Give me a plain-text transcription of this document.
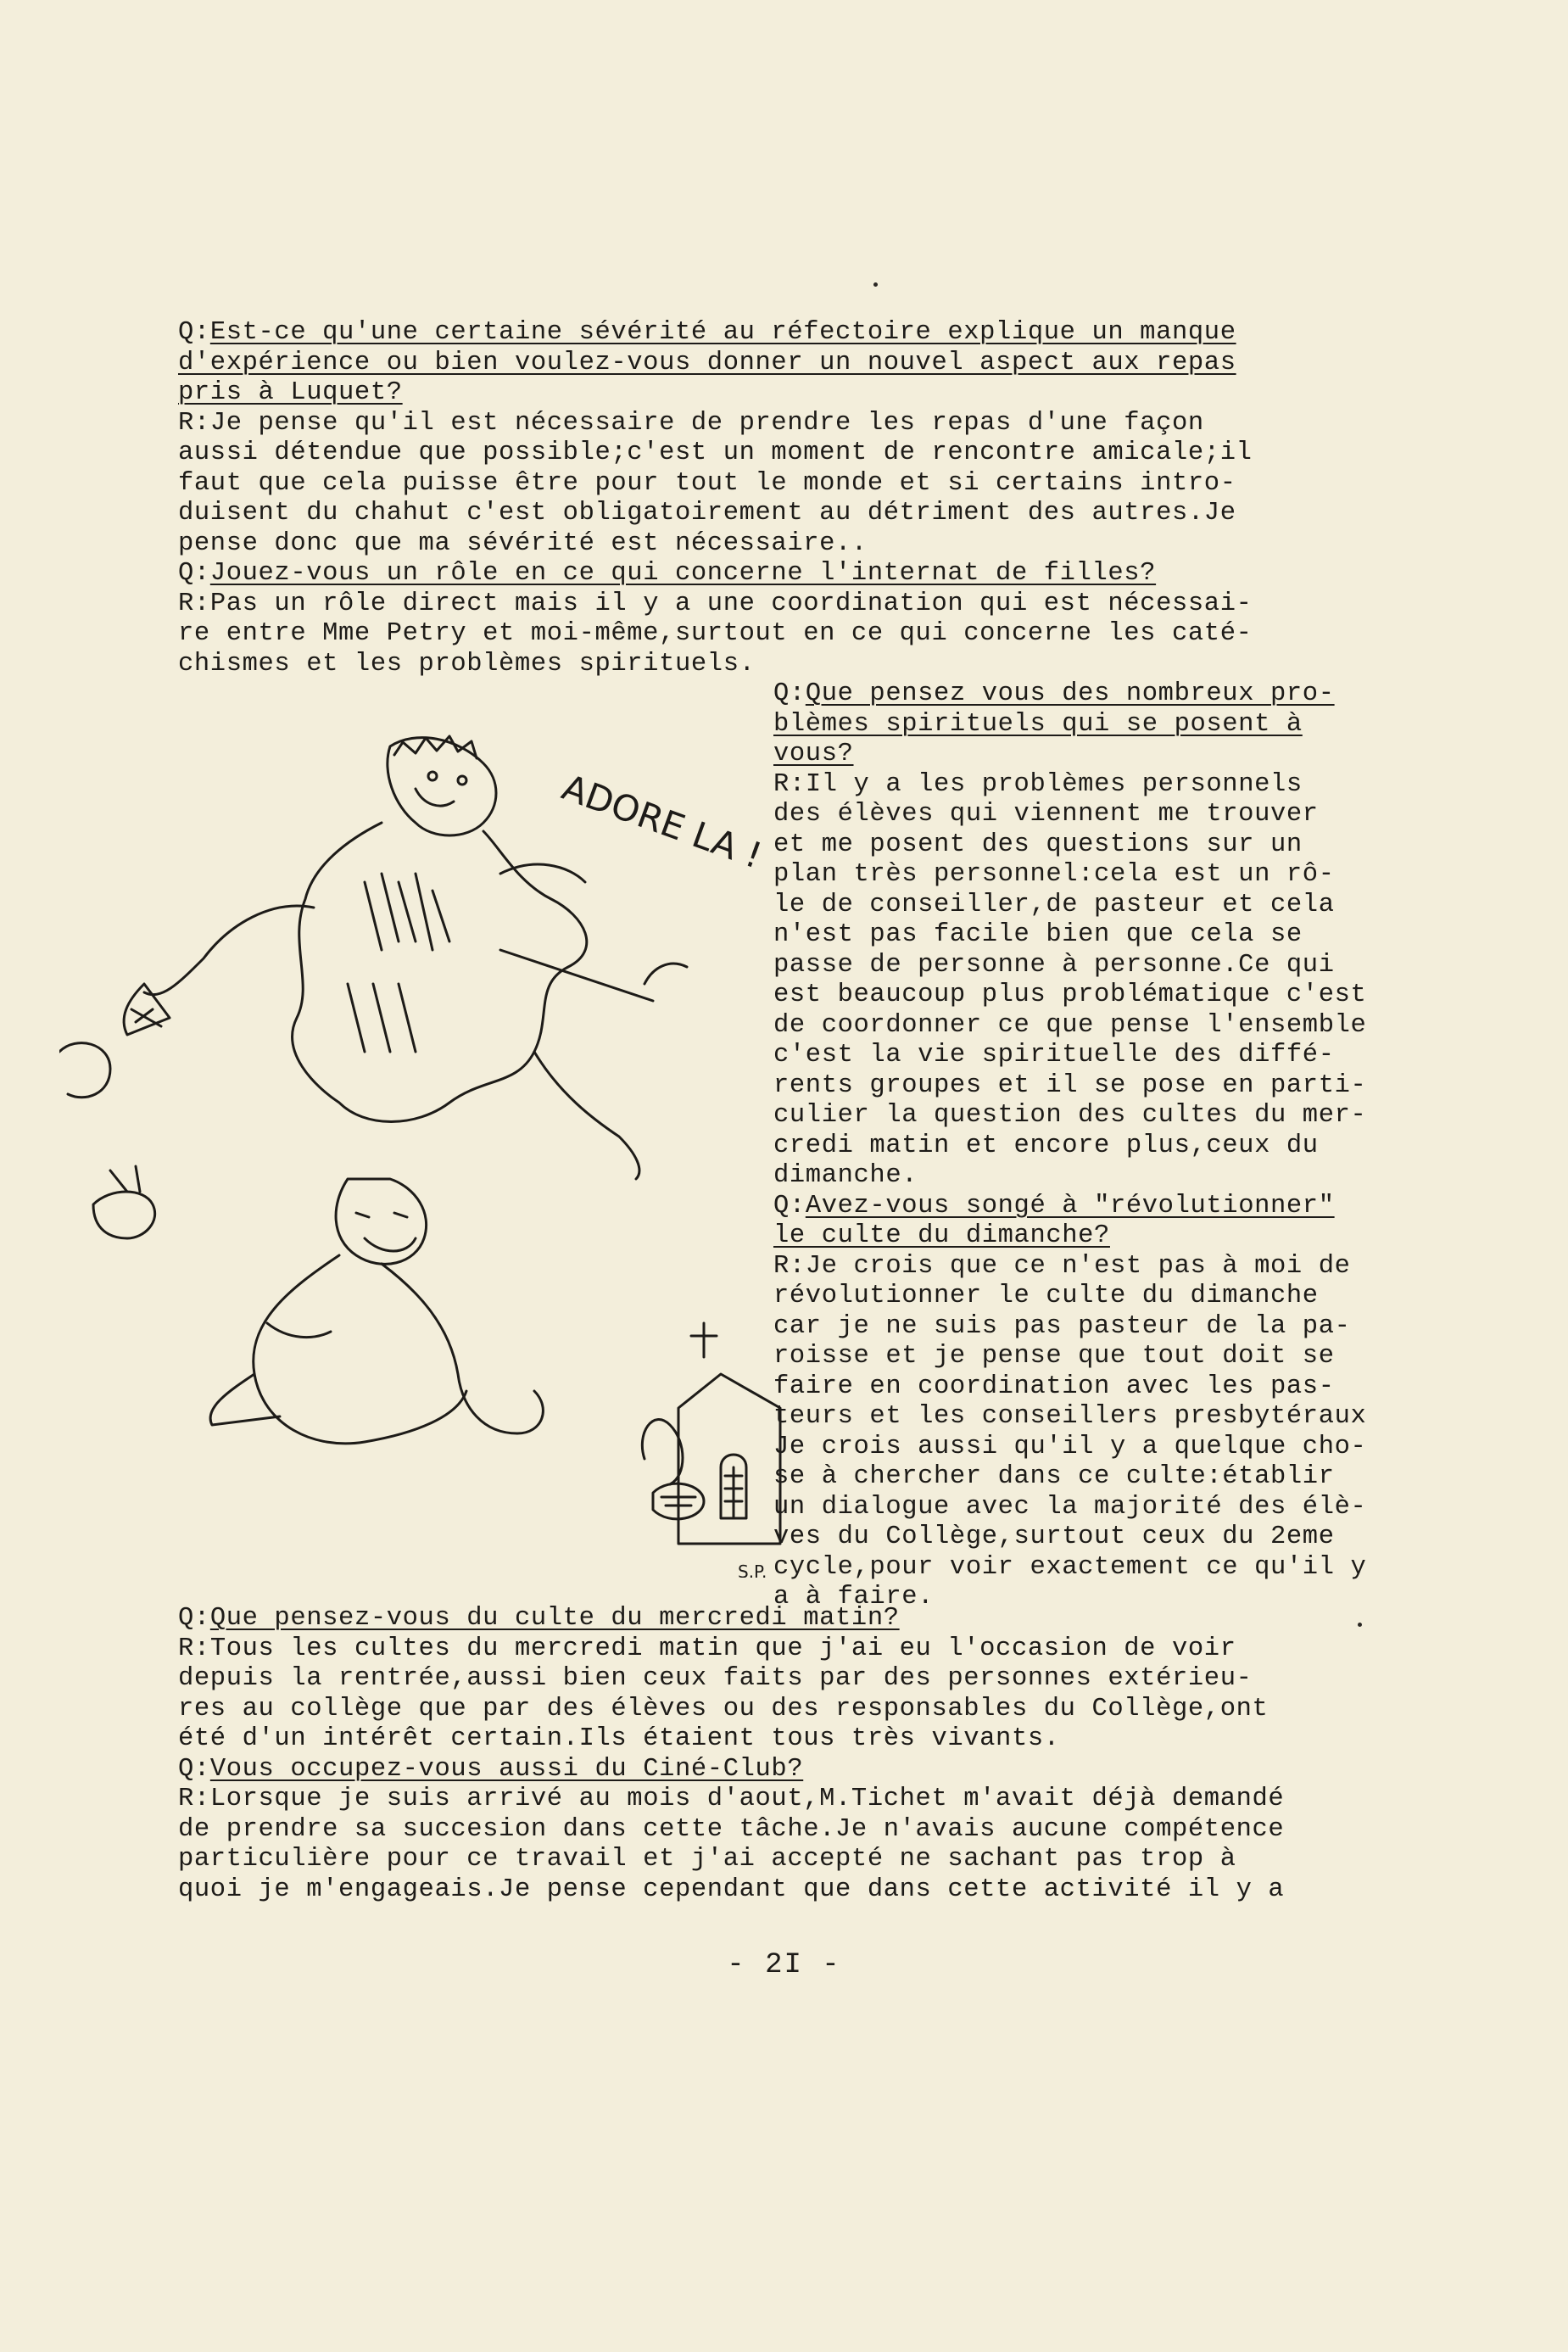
Q:Est-ce qu'une certaine sévérité au réfectoire explique un manque
d'expérience ou bien voulez-vous donner un nouvel aspect aux repas
pris à Luquet?
R:Je pense qu'il est nécessaire de prendre les repas d'une façon
aussi détendue que possible;c'est un moment de rencontre amicale;il
faut que cela puisse être pour tout le monde et si certains intro-
duisent du chahut c'est obligatoirement au détriment des autres.Je
pense donc que ma sévérité est nécessaire..
Q:Jouez-vous un rôle en ce qui concerne l'internat de filles?
R:Pas un rôle direct mais il y a une coordination qui est nécessai-
re entre Mme Petry et moi-même,surtout en ce qui concerne les caté-
chismes et les problèmes spirituels.
Q:Que pensez vous des nombreux pro-
blèmes spirituels qui se posent à
vous?
R:Il y a les problèmes personnels
des élèves qui viennent me trouver
et me posent des questions sur un
plan très personnel:cela est un rô-
le de conseiller,de pasteur et cela
n'est pas facile bien que cela se
passe de personne à personne.Ce qui
est beaucoup plus problématique c'est
de coordonner ce que pense l'ensemble
c'est la vie spirituelle des diffé-
rents groupes et il se pose en parti-
culier la question des cultes du mer-
credi matin et encore plus,ceux du
dimanche.
Q:Avez-vous songé à "révolutionner"
le culte du dimanche?
R:Je crois que ce n'est pas à moi de
révolutionner le culte du dimanche
car je ne suis pas pasteur de la pa-
roisse et je pense que tout doit se
faire en coordination avec les pas-
teurs et les conseillers presbytéraux
Je crois aussi qu'il y a quelque cho-
se à chercher dans ce culte:établir
un dialogue avec la majorité des élè-
ves du Collège,surtout ceux du 2eme
cycle,pour voir exactement ce qu'il y
a à faire.
Q:Que pensez-vous du culte du mercredi matin?
R:Tous les cultes du mercredi matin que j'ai eu l'occasion de voir
depuis la rentrée,aussi bien ceux faits par des personnes extérieu-
res au collège que par des élèves ou des responsables du Collège,ont
été d'un intérêt certain.Ils étaient tous très vivants.
Q:Vous occupez-vous aussi du Ciné-Club?
R:Lorsque je suis arrivé au mois d'aout,M.Tichet m'avait déjà demandé
de prendre sa succesion dans cette tâche.Je n'avais aucune compétence
particulière pour ce travail et j'ai accepté ne sachant pas trop à
quoi je m'engageais.Je pense cependant que dans cette activité il y a
ADORE LA !
S.P.
- 2I -
